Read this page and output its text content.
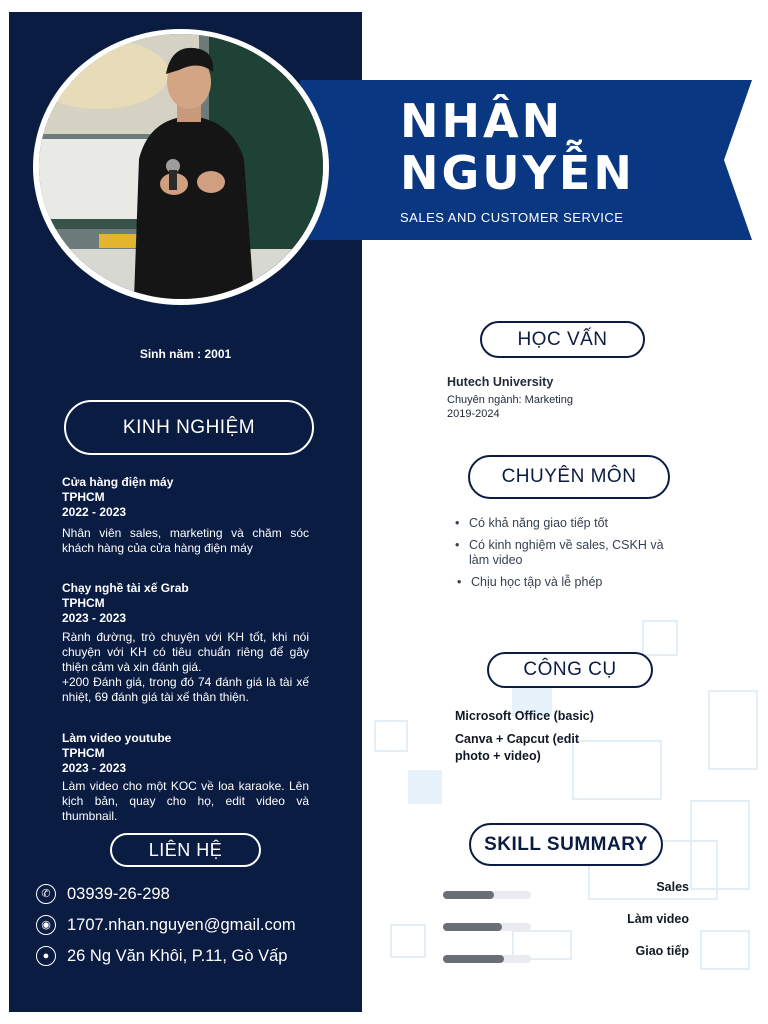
NHÂN
NGUYỄN
SALES AND CUSTOMER SERVICE
Sinh năm : 2001
KINH NGHIỆM
Cửa hàng điện máy
TPHCM
2022 - 2023
Nhân viên sales, marketing và chăm sóc khách hàng của cửa hàng điện máy
Chạy nghề tài xế Grab
TPHCM
2023 - 2023
Rành đường, trò chuyện với KH tốt, khi nói chuyện với KH có tiêu chuẩn riêng để gây thiện cảm và xin đánh giá.
+200 Đánh giá, trong đó 74 đánh giá là tài xế nhiệt, 69 đánh giá tài xế thân thiện.
Làm video youtube
TPHCM
2023 - 2023
Làm video cho một KOC về loa karaoke. Lên kịch bản, quay cho họ, edit video và thumbnail.
LIÊN HỆ
✆ 03939-26-298
◉ 1707.nhan.nguyen@gmail.com
●	26 Ng Văn Khôi, P.11, Gò Vấp
HỌC VẤN
Hutech University
Chuyên ngành: Marketing
2019-2024
CHUYÊN MÔN
• Có khả năng giao tiếp tốt
• Có kinh nghiệm về sales, CSKH và làm video
• Chịu học tập và lễ phép
CÔNG CỤ
Microsoft Office (basic)
Canva + Capcut (edit photo + video)
SKILL SUMMARY
Sales
Làm video
Giao tiếp
